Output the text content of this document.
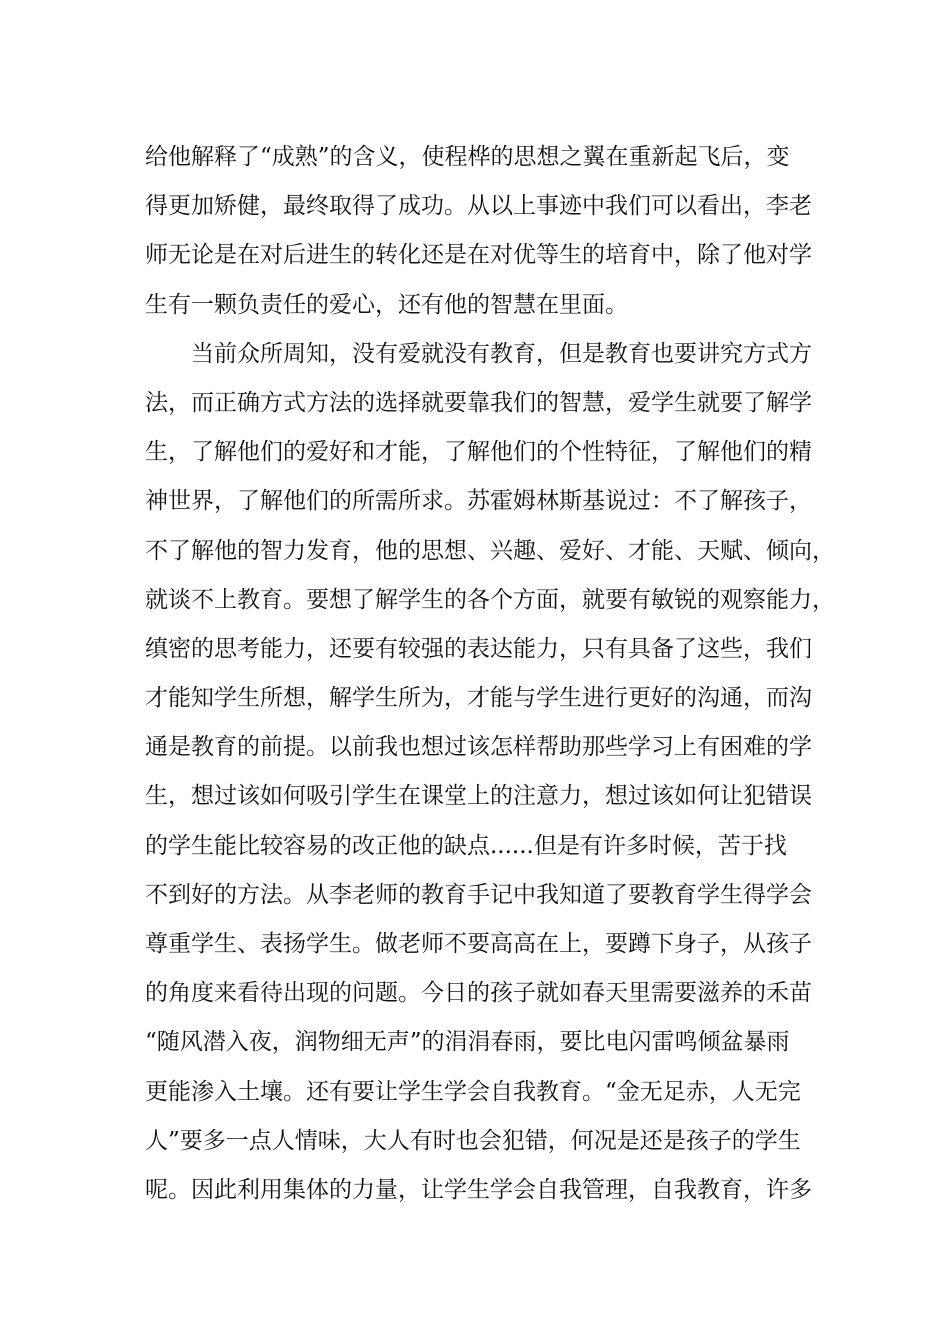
给他解释了“成熟”的含义，使程桦的思想之翼在重新起飞后，变
得更加矫健，最终取得了成功。从以上事迹中我们可以看出，李老
师无论是在对后进生的转化还是在对优等生的培育中，除了他对学
生有一颗负责任的爱心，还有他的智慧在里面。
当前众所周知，没有爱就没有教育，但是教育也要讲究方式方
法，而正确方式方法的选择就要靠我们的智慧，爱学生就要了解学
生，了解他们的爱好和才能，了解他们的个性特征，了解他们的精
神世界，了解他们的所需所求。苏霍姆林斯基说过：不了解孩子，
不了解他的智力发育，他的思想、兴趣、爱好、才能、天赋、倾向，
就谈不上教育。要想了解学生的各个方面，就要有敏锐的观察能力，
缜密的思考能力，还要有较强的表达能力，只有具备了这些，我们
才能知学生所想，解学生所为，才能与学生进行更好的沟通，而沟
通是教育的前提。以前我也想过该怎样帮助那些学习上有困难的学
生，想过该如何吸引学生在课堂上的注意力，想过该如何让犯错误
的学生能比较容易的改正他的缺点......但是有许多时候，苦于找
不到好的方法。从李老师的教育手记中我知道了要教育学生得学会
尊重学生、表扬学生。做老师不要高高在上，要蹲下身子，从孩子
的角度来看待出现的问题。今日的孩子就如春天里需要滋养的禾苗
“随风潜入夜，润物细无声”的涓涓春雨，要比电闪雷鸣倾盆暴雨
更能渗入土壤。还有要让学生学会自我教育。“金无足赤，人无完
人”要多一点人情味，大人有时也会犯错，何况是还是孩子的学生
呢。因此利用集体的力量，让学生学会自我管理，自我教育，许多
